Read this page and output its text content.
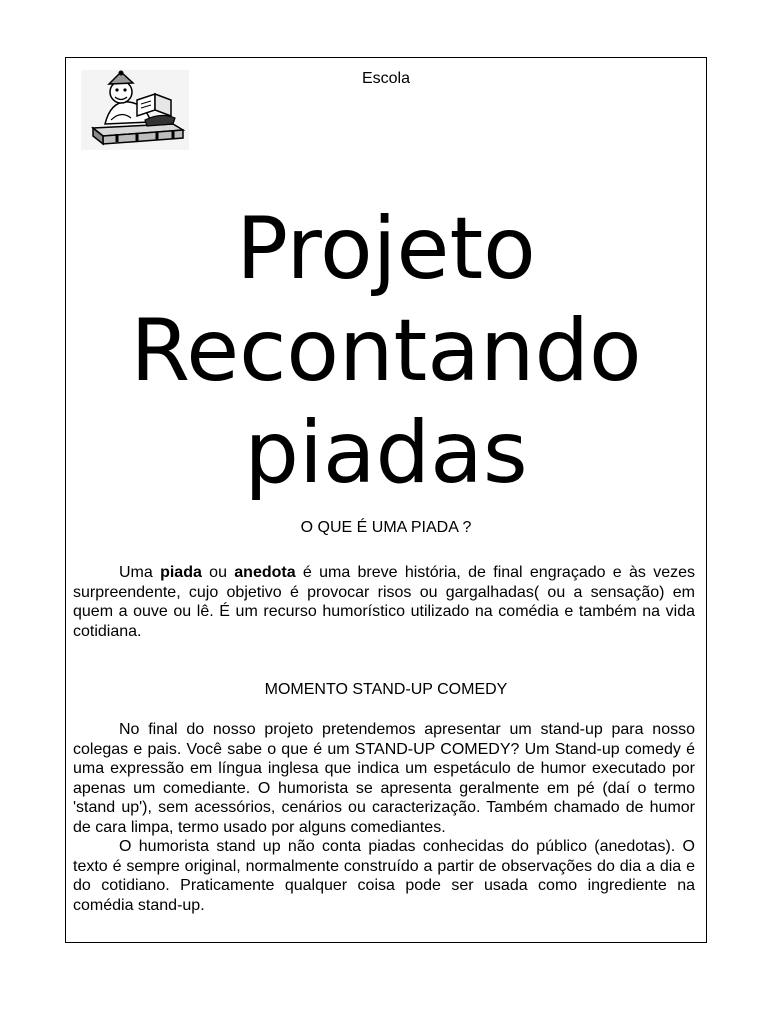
Escola
Projeto
Recontando
piadas
O QUE É UMA PIADA ?

Uma piada ou anedota é uma breve história, de final engraçado e às vezes surpreendente, cujo objetivo é provocar risos ou gargalhadas( ou a sensação) em quem a ouve ou lê. É um recurso humorístico utilizado na comédia e também na vida cotidiana.

MOMENTO STAND-UP COMEDY

No final do nosso projeto pretendemos apresentar um stand-up para nosso colegas e pais. Você sabe o que é um STAND-UP COMEDY? Um Stand-up comedy é uma expressão em língua inglesa que indica um espetáculo de humor executado por apenas um comediante. O humorista se apresenta geralmente em pé (daí o termo 'stand up'), sem acessórios, cenários ou caracterização. Também chamado de humor de cara limpa, termo usado por alguns comediantes.

O humorista stand up não conta piadas conhecidas do público (anedotas). O texto é sempre original, normalmente construído a partir de observações do dia a dia e do cotidiano. Praticamente qualquer coisa pode ser usada como ingrediente na comédia stand-up.
